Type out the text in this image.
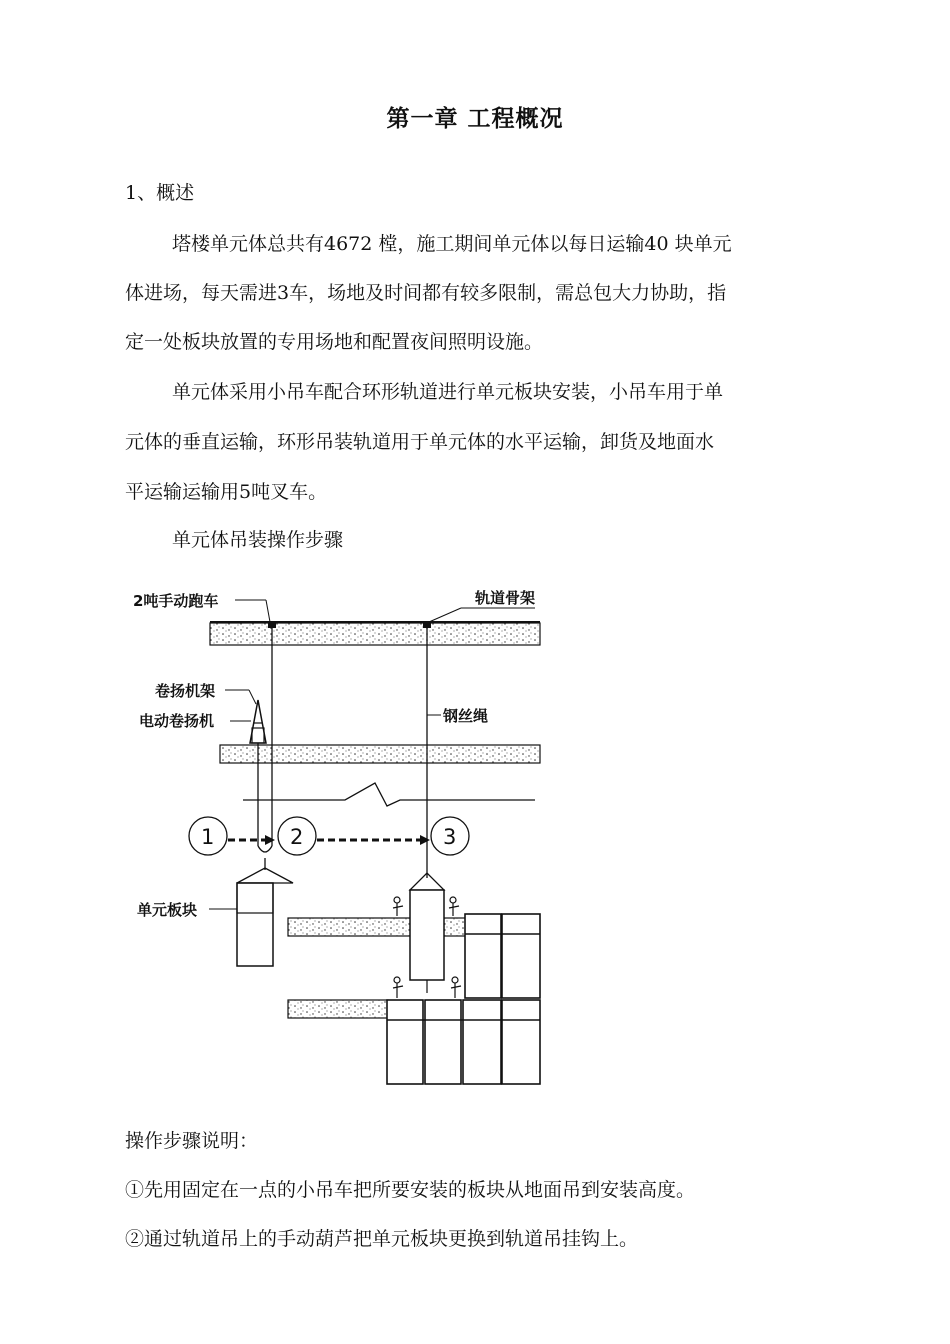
第一章 工程概况
1、概述
塔楼单元体总共有4672 樘，施工期间单元体以每日运输40 块单元
体进场，每天需进3车，场地及时间都有较多限制，需总包大力协助，指
定一处板块放置的专用场地和配置夜间照明设施。
单元体采用小吊车配合环形轨道进行单元板块安装，小吊车用于单
元体的垂直运输，环形吊装轨道用于单元体的水平运输，卸货及地面水
平运输运输用5吨叉车。
单元体吊装操作步骤
1	2	3
2吨手动跑车	轨道骨架
卷扬机架
电动卷扬机	钢丝绳
单元板块
操作步骤说明：
①先用固定在一点的小吊车把所要安装的板块从地面吊到安装高度。
②通过轨道吊上的手动葫芦把单元板块更换到轨道吊挂钩上。
